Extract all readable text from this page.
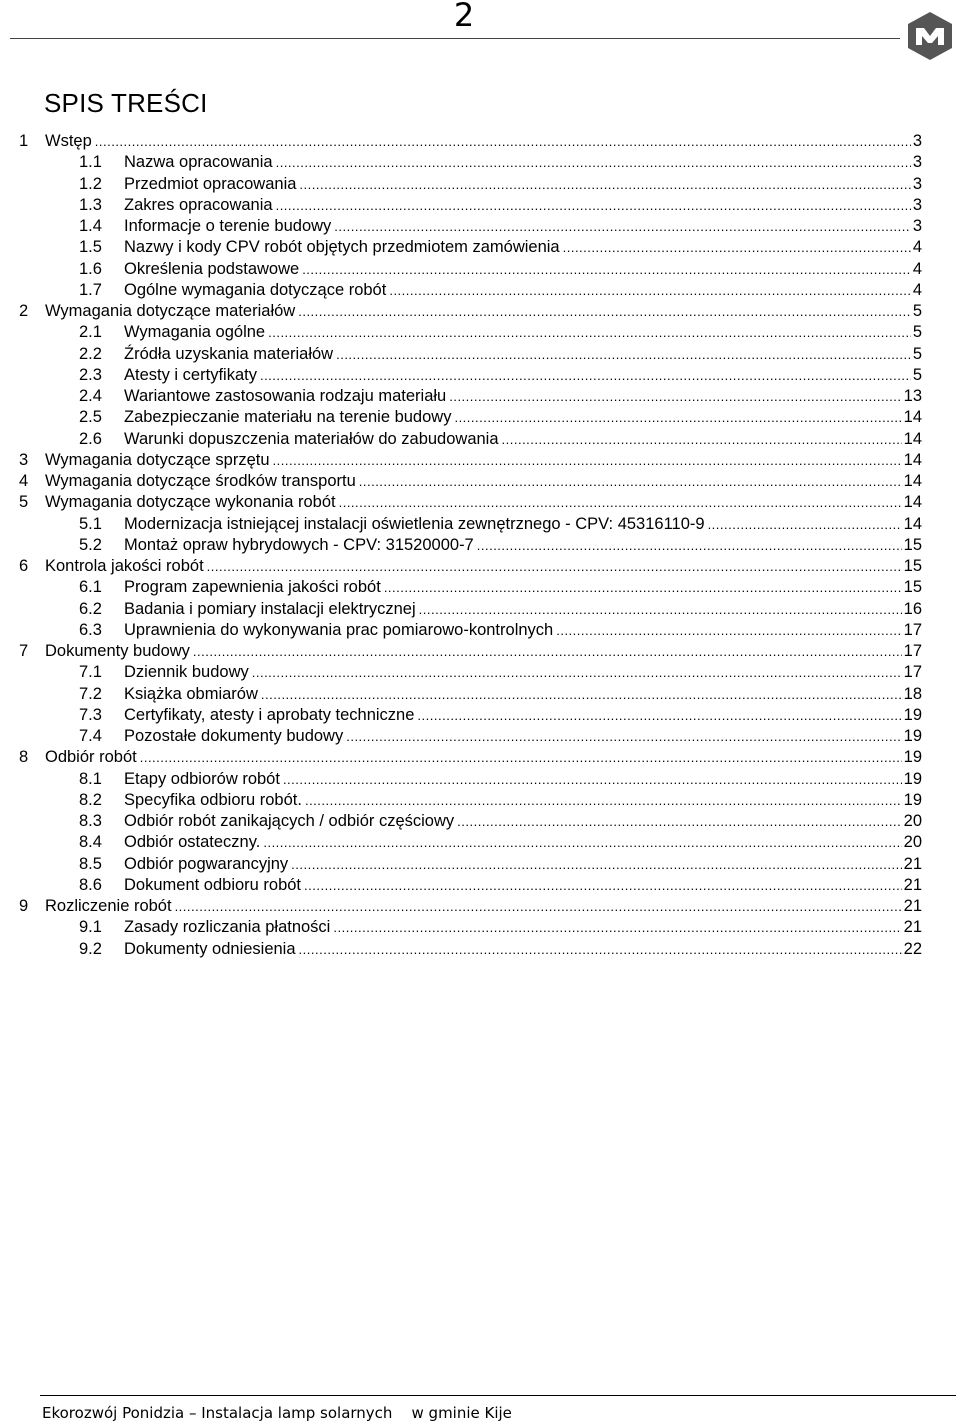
2
SPIS TREŚCI
1	Wstęp .....	3
1.1	Nazwa opracowania .....	3
1.2	Przedmiot opracowania .....	3
1.3	Zakres opracowania .....	3
1.4	Informacje o terenie budowy .....	3
1.5	Nazwy i kody CPV robót objętych przedmiotem zamówienia .....	4
1.6	Określenia podstawowe .....	4
1.7	Ogólne wymagania dotyczące robót .....	4
2	Wymagania dotyczące materiałów .....	5
2.1	Wymagania ogólne .....	5
2.2	Źródła uzyskania materiałów .....	5
2.3	Atesty i certyfikaty .....	5
2.4	Wariantowe zastosowania rodzaju materiału .....	13
2.5	Zabezpieczanie materiału na terenie budowy .....	14
2.6	Warunki dopuszczenia materiałów do zabudowania .....	14
3	Wymagania dotyczące sprzętu .....	14
4	Wymagania dotyczące środków transportu .....	14
5	Wymagania dotyczące wykonania robót .....	14
5.1	Modernizacja istniejącej instalacji oświetlenia zewnętrznego - CPV: 45316110-9 .....	14
5.2	Montaż opraw hybrydowych - CPV: 31520000-7 .....	15
6	Kontrola jakości robót .....	15
6.1	Program zapewnienia jakości robót .....	15
6.2	Badania i pomiary instalacji elektrycznej .....	16
6.3	Uprawnienia do wykonywania prac pomiarowo-kontrolnych .....	17
7	Dokumenty budowy .....	17
7.1	Dziennik budowy .....	17
7.2	Książka obmiarów .....	18
7.3	Certyfikaty, atesty i aprobaty techniczne .....	19
7.4	Pozostałe dokumenty budowy .....	19
8	Odbiór robót .....	19
8.1	Etapy odbiorów robót .....	19
8.2	Specyfika odbioru robót. .....	19
8.3	Odbiór robót zanikających / odbiór częściowy .....	20
8.4	Odbiór ostateczny. .....	20
8.5	Odbiór pogwarancyjny .....	21
8.6	Dokument odbioru robót .....	21
9	Rozliczenie robót .....	21
9.1	Zasady rozliczania płatności .....	21
9.2	Dokumenty odniesienia .....	22
Ekorozwój Ponidzia – Instalacja lamp solarnych    w gminie Kije
